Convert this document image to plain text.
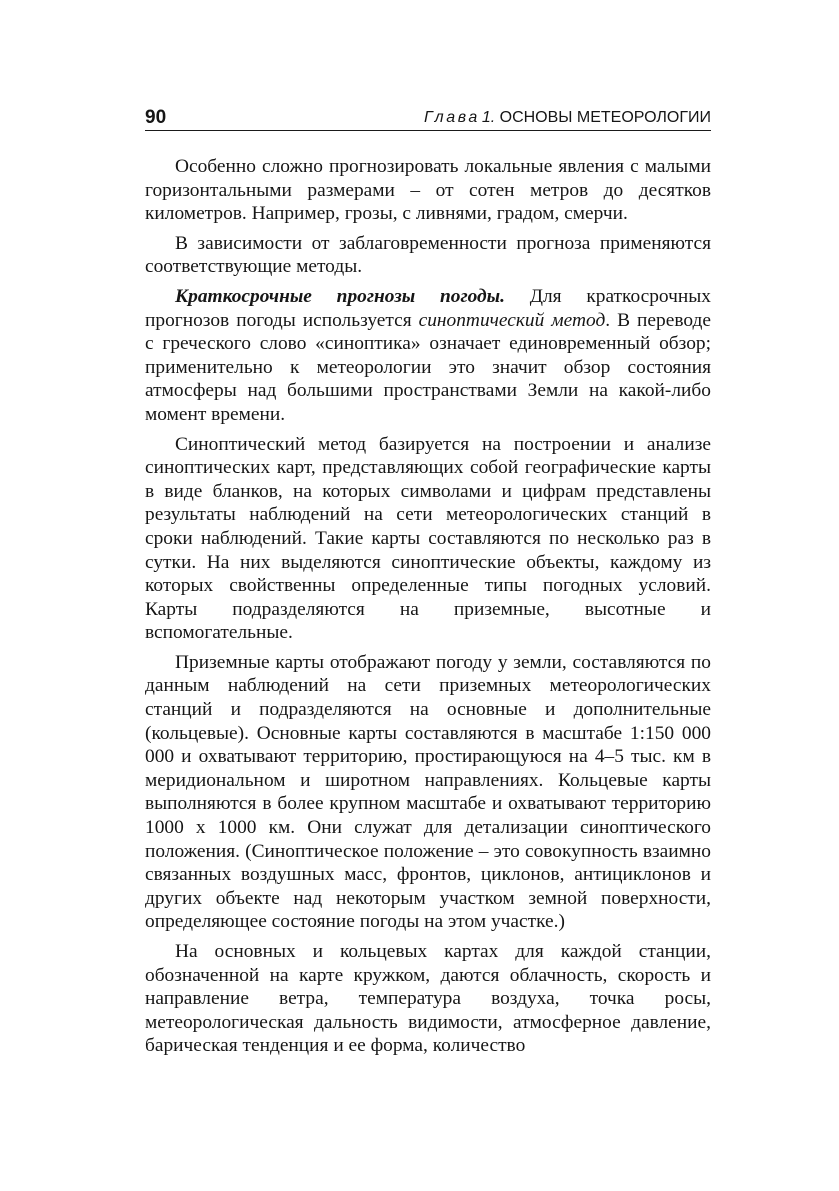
90	Глава 1. ОСНОВЫ МЕТЕОРОЛОГИИ

Особенно сложно прогнозировать локальные явления с малыми горизонтальными размерами – от сотен метров до десятков километров. Например, грозы, с ливнями, градом, смерчи.

В зависимости от заблаговременности прогноза применяются соответствующие методы.

Краткосрочные прогнозы погоды. Для краткосрочных прогнозов погоды используется синоптический метод. В переводе с греческого слово «синоптика» означает единовременный обзор; применительно к метеорологии это значит обзор состояния атмосферы над большими пространствами Земли на какой-либо момент времени.

Синоптический метод базируется на построении и анализе синоптических карт, представляющих собой географические карты в виде бланков, на которых символами и цифрам представлены результаты наблюдений на сети метеорологических станций в сроки наблюдений. Такие карты составляются по несколько раз в сутки. На них выделяются синоптические объекты, каждому из которых свойственны определенные типы погодных условий. Карты подразделяются на приземные, высотные и вспомогательные.

Приземные карты отображают погоду у земли, составляются по данным наблюдений на сети приземных метеорологических станций и подразделяются на основные и дополнительные (кольцевые). Основные карты составляются в масштабе 1:150 000 000 и охватывают территорию, простирающуюся на 4–5 тыс. км в меридиональном и широтном направлениях. Кольцевые карты выполняются в более крупном масштабе и охватывают территорию 1000 х 1000 км. Они служат для детализации синоптического положения. (Синоптическое положение – это совокупность взаимно связанных воздушных масс, фронтов, циклонов, антициклонов и других объекте над некоторым участком земной поверхности, определяющее состояние погоды на этом участке.)

На основных и кольцевых картах для каждой станции, обозначенной на карте кружком, даются облачность, скорость и направление ветра, температура воздуха, точка росы, метеорологическая дальность видимости, атмосферное давление, барическая тенденция и ее форма, количество
